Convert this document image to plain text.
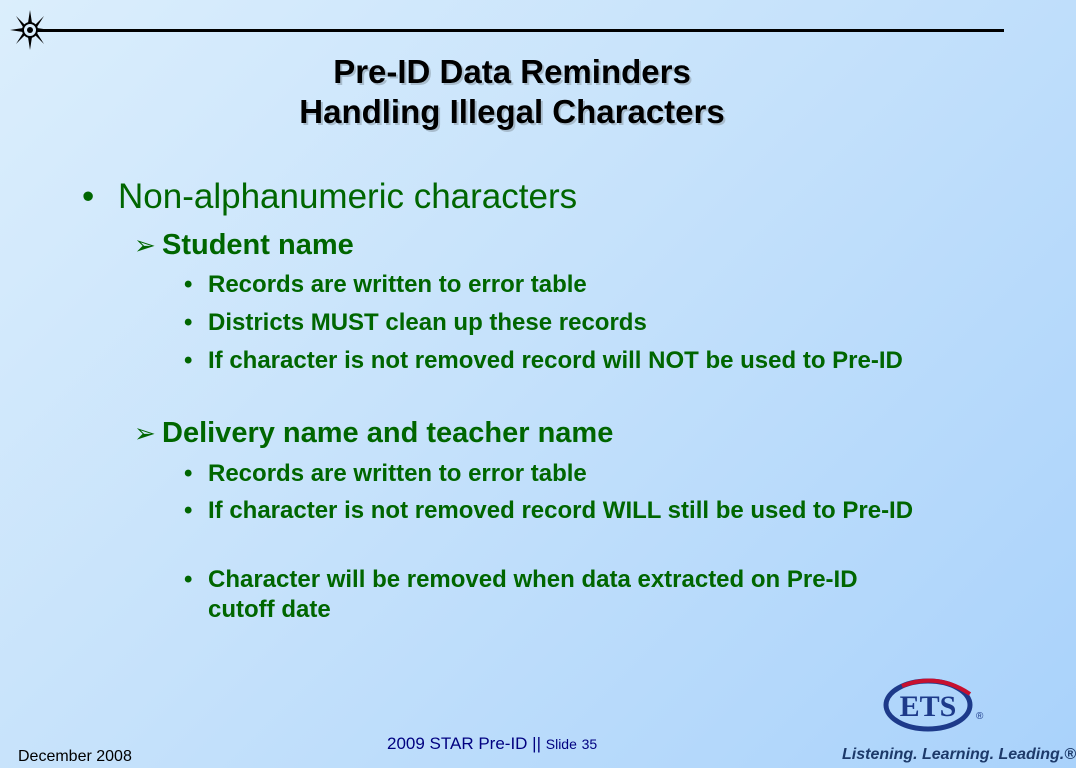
Pre-ID Data Reminders
Handling Illegal Characters
• Non-alphanumeric characters
➢ Student name
• Records are written to error table
• Districts MUST clean up these records
• If character is not removed record will NOT be used to Pre-ID
➢ Delivery name and teacher name
• Records are written to error table
• If character is not removed record WILL still be used to Pre-ID
• Character will be removed when data extracted on Pre-ID cutoff date
ETS ®
December 2008
2009 STAR Pre-ID || Slide 35
Listening. Learning. Leading.®
